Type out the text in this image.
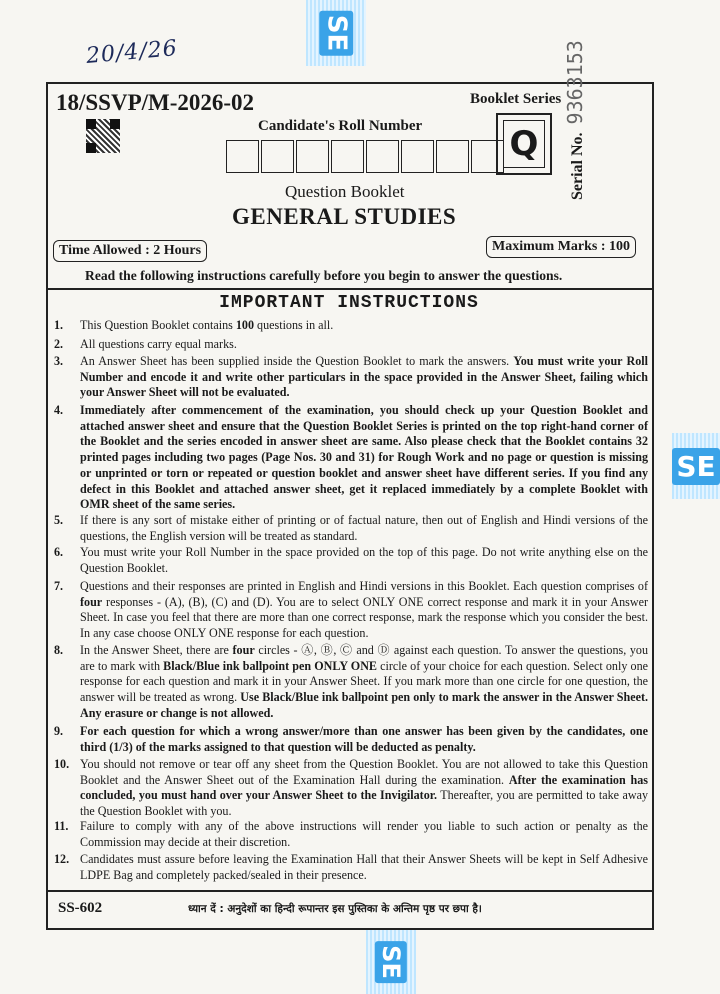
20/4/26
SE
SE
SE
18/SSVP/M-2026-02
Candidate's Roll Number
Question Booklet
GENERAL STUDIES
Booklet Series
Q	Serial No. 9363153
Time Allowed : 2 Hours	Maximum Marks : 100
Read the following instructions carefully before you begin to answer the questions.
IMPORTANT INSTRUCTIONS
1. This Question Booklet contains 100 questions in all.
2. All questions carry equal marks.
3. An Answer Sheet has been supplied inside the Question Booklet to mark the answers. You must write your Roll Number and encode it and write other particulars in the space provided in the Answer Sheet, failing which your Answer Sheet will not be evaluated.
4. Immediately after commencement of the examination, you should check up your Question Booklet and attached answer sheet and ensure that the Question Booklet Series is printed on the top right-hand corner of the Booklet and the series encoded in answer sheet are same. Also please check that the Booklet contains 32 printed pages including two pages (Page Nos. 30 and 31) for Rough Work and no page or question is missing or unprinted or torn or repeated or question booklet and answer sheet have different series. If you find any defect in this Booklet and attached answer sheet, get it replaced immediately by a complete Booklet with OMR sheet of the same series.
5. If there is any sort of mistake either of printing or of factual nature, then out of English and Hindi versions of the questions, the English version will be treated as standard.
6. You must write your Roll Number in the space provided on the top of this page. Do not write anything else on the Question Booklet.
7. Questions and their responses are printed in English and Hindi versions in this Booklet. Each question comprises of four responses - (A), (B), (C) and (D). You are to select ONLY ONE correct response and mark it in your Answer Sheet. In case you feel that there are more than one correct response, mark the response which you consider the best. In any case choose ONLY ONE response for each question.
8. In the Answer Sheet, there are four circles - Ⓐ, Ⓑ, Ⓒ and Ⓓ against each question. To answer the questions, you are to mark with Black/Blue ink ballpoint pen ONLY ONE circle of your choice for each question. Select only one response for each question and mark it in your Answer Sheet. If you mark more than one circle for one question, the answer will be treated as wrong. Use Black/Blue ink ballpoint pen only to mark the answer in the Answer Sheet. Any erasure or change is not allowed.
9. For each question for which a wrong answer/more than one answer has been given by the candidates, one third (1/3) of the marks assigned to that question will be deducted as penalty.
10. You should not remove or tear off any sheet from the Question Booklet. You are not allowed to take this Question Booklet and the Answer Sheet out of the Examination Hall during the examination. After the examination has concluded, you must hand over your Answer Sheet to the Invigilator. Thereafter, you are permitted to take away the Question Booklet with you.
11. Failure to comply with any of the above instructions will render you liable to such action or penalty as the Commission may decide at their discretion.
12. Candidates must assure before leaving the Examination Hall that their Answer Sheets will be kept in Self Adhesive LDPE Bag and completely packed/sealed in their presence.
SS-602	ध्यान दें : अनुदेशों का हिन्दी रूपान्तर इस पुस्तिका के अन्तिम पृष्ठ पर छपा है।
